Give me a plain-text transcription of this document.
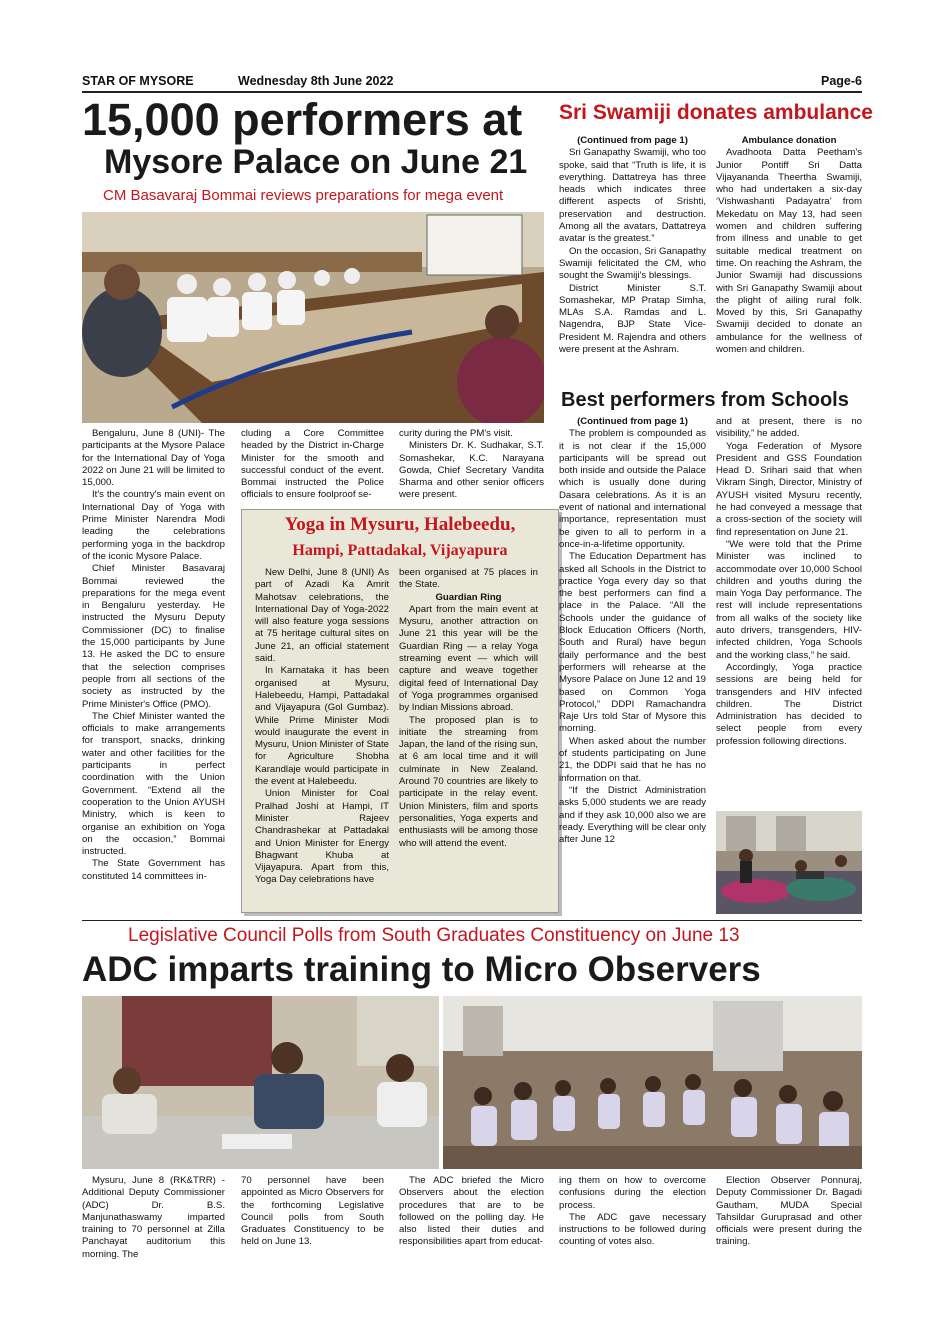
STAR OF MYSORE	Wednesday 8th June 2022	Page-6
15,000 performers at
Mysore Palace on June 21
CM Basavaraj Bommai reviews preparations for mega event

Bengaluru, June 8 (UNI)- The participants at the Mysore Palace for the International Day of Yoga 2022 on June 21 will be limited to 15,000.

It's the country's main event on International Day of Yoga with Prime Minister Narendra Modi leading the celebrations performing yoga in the backdrop of the iconic Mysore Palace.

Chief Minister Basavaraj Bommai reviewed the preparations for the mega event in Bengaluru yesterday. He instructed the Mysuru Deputy Commissioner (DC) to finalise the 15,000 participants by June 13. He asked the DC to ensure that the selection comprises people from all sections of the society as instructed by the Prime Minister's Office (PMO).

The Chief Minister wanted the officials to make arrangements for transport, snacks, drinking water and other facilities for the participants in perfect coordination with the Union Government. “Extend all the cooperation to the Union AYUSH Ministry, which is keen to organise an exhibition on Yoga on the occasion,” Bommai instructed.

The State Government has constituted 14 committees in-

cluding a Core Committee headed by the District in-Charge Minister for the smooth and successful conduct of the event. Bommai instructed the Police officials to ensure foolproof se-

curity during the PM's visit.

Ministers Dr. K. Sudhakar, S.T. Somashekar, K.C. Narayana Gowda, Chief Secretary Vandita Sharma and other senior officers were present.

Yoga in Mysuru, Halebeedu,
Hampi, Pattadakal, Vijayapura

New Delhi, June 8 (UNI) As part of Azadi Ka Amrit Mahotsav celebrations, the International Day of Yoga-2022 will also feature yoga sessions at 75 heritage cultural sites on June 21, an official statement said.

In Karnataka it has been organised at Mysuru, Halebeedu, Hampi, Pattadakal and Vijayapura (Gol Gumbaz). While Prime Minister Modi would inaugurate the event in Mysuru, Union Minister of State for Agriculture Shobha Karandlaje would participate in the event at Halebeedu.

Union Minister for Coal Pralhad Joshi at Hampi, IT Minister Rajeev Chandrashekar at Pattadakal and Union Minister for Energy Bhagwant Khuba at Vijayapura. Apart from this, Yoga Day celebrations have

been organised at 75 places in the State.

Guardian Ring

Apart from the main event at Mysuru, another attraction on June 21 this year will be the Guardian Ring — a relay Yoga streaming event — which will capture and weave together digital feed of International Day of Yoga programmes organised by Indian Missions abroad.

The proposed plan is to initiate the streaming from Japan, the land of the rising sun, at 6 am local time and it will culminate in New Zealand. Around 70 countries are likely to participate in the relay event. Union Ministers, film and sports personalities, Yoga experts and enthusiasts will be among those who will attend the event.

Sri Swamiji donates ambulance

(Continued from page 1)

Sri Ganapathy Swamiji, who too spoke, said that “Truth is life, it is everything. Dattatreya has three heads which indicates three different aspects of Srishti, preservation and destruction. Among all the avatars, Dattatreya avatar is the greatest.”

On the occasion, Sri Ganapathy Swamiji felicitated the CM, who sought the Swamiji's blessings.

District Minister S.T. Somashekar, MP Pratap Simha, MLAs S.A. Ramdas and L. Nagendra, BJP State Vice-President M. Rajendra and others were present at the Ashram.

Ambulance donation

Avadhoota Datta Peetham's Junior Pontiff Sri Datta Vijayananda Theertha Swamiji, who had undertaken a six-day ‘Vishwashanti Padayatra’ from Mekedatu on May 13, had seen women and children suffering from illness and unable to get suitable medical treatment on time. On reaching the Ashram, the Junior Swamiji had discussions with Sri Ganapathy Swamiji about the plight of ailing rural folk. Moved by this, Sri Ganapathy Swamiji decided to donate an ambulance for the wellness of women and children.

Best performers from Schools

(Continued from page 1)

The problem is compounded as it is not clear if the 15,000 participants will be spread out both inside and outside the Palace which is usually done during Dasara celebrations. As it is an event of national and international importance, representation must be given to all to perform in a once-in-a-lifetime opportunity.

The Education Department has asked all Schools in the District to practice Yoga every day so that the best performers can find a place in the Palace. “All the Schools under the guidance of Block Education Officers (North, South and Rural) have begun daily performance and the best performers will rehearse at the Mysore Palace on June 12 and 19 based on Common Yoga Protocol,” DDPI Ramachandra Raje Urs told Star of Mysore this morning.

When asked about the number of students participating on June 21, the DDPI said that he has no information on that.

“If the District Administration asks 5,000 students we are ready and if they ask 10,000 also we are ready. Everything will be clear only after June 12

and at present, there is no visibility,” he added.

Yoga Federation of Mysore President and GSS Foundation Head D. Srihari said that when Vikram Singh, Director, Ministry of AYUSH visited Mysuru recently, he had conveyed a message that a cross-section of the society will find representation on June 21.

“We were told that the Prime Minister was inclined to accommodate over 10,000 School children and youths during the main Yoga Day performance. The rest will include representations from all walks of the society like auto drivers, transgenders, HIV-infected children, Yoga Schools and the working class,” he said.

Accordingly, Yoga practice sessions are being held for transgenders and HIV infected children. The District Administration has decided to select people from every profession following directions.

Legislative Council Polls from South Graduates Constituency on June 13
ADC imparts training to Micro Observers

Mysuru, June 8 (RK&TRR) - Additional Deputy Commissioner (ADC) Dr. B.S. Manjunathaswamy imparted training to 70 personnel at Zilla Panchayat auditorium this morning. The

70 personnel have been appointed as Micro Observers for the forthcoming Legislative Council polls from South Graduates Constituency to be held on June 13.

The ADC briefed the Micro Observers about the election procedures that are to be followed on the polling day. He also listed their duties and responsibilities apart from educat-

ing them on how to overcome confusions during the election process.

The ADC gave necessary instructions to be followed during counting of votes also.

Election Observer Ponnuraj, Deputy Commissioner Dr. Bagadi Gautham, MUDA Special Tahsildar Guruprasad and other officials were present during the training.
